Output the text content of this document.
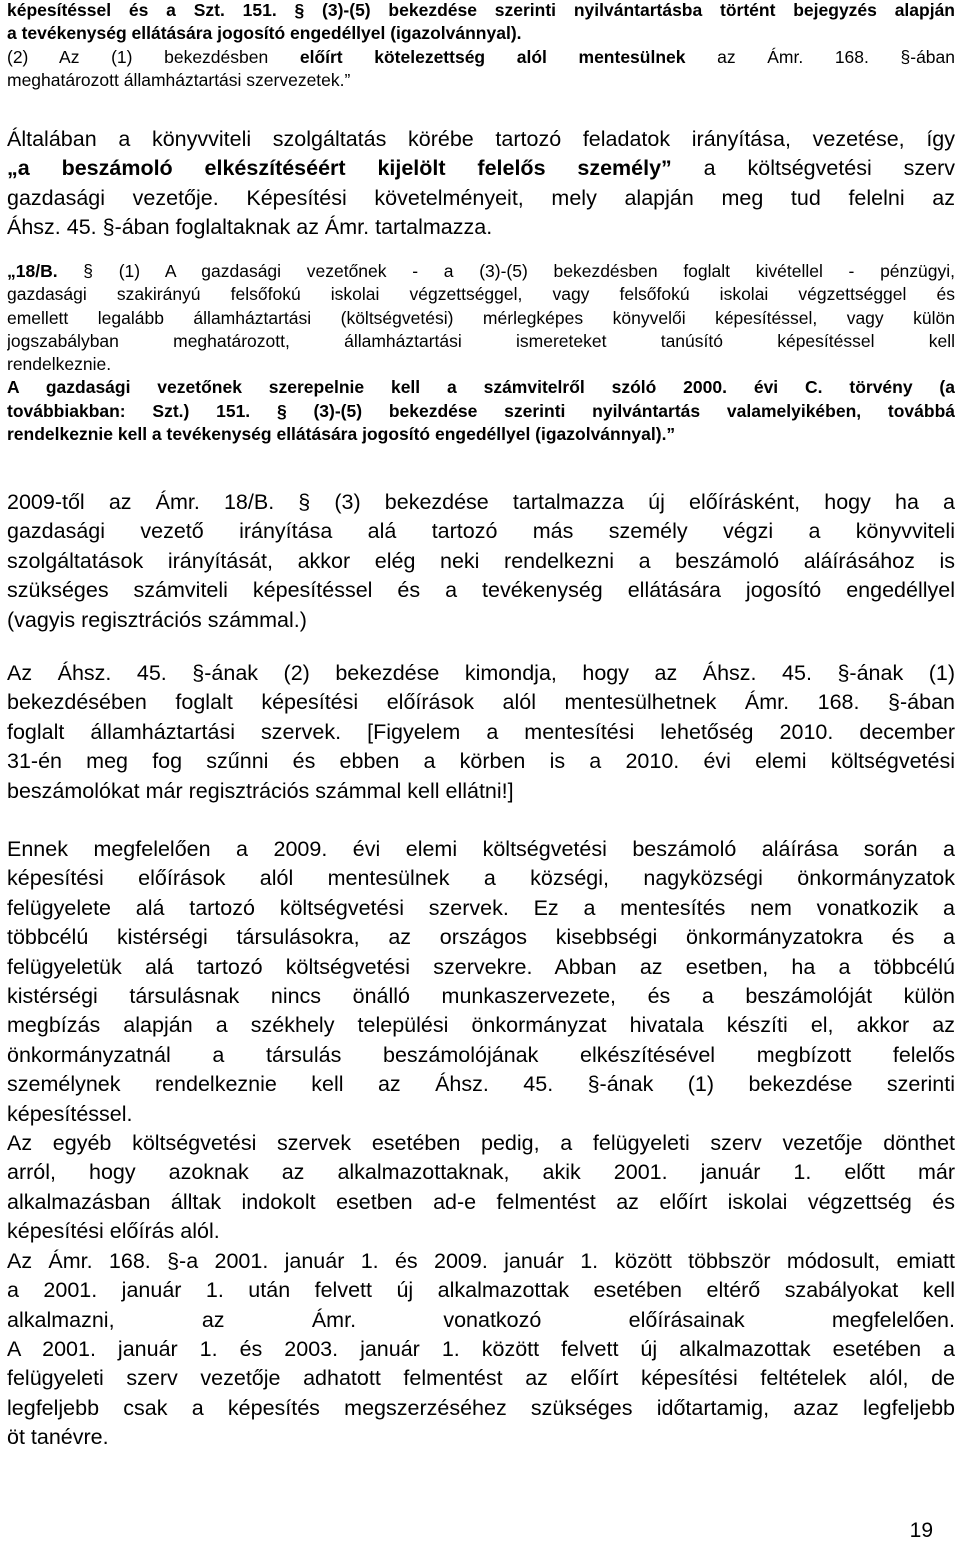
képesítéssel és a Szt. 151. § (3)-(5) bekezdése szerinti nyilvántartásba történt bejegyzés alapján
a tevékenység ellátására jogosító engedéllyel (igazolvánnyal).
(2) Az (1) bekezdésben előírt kötelezettség alól mentesülnek az Ámr. 168. §-ában
meghatározott államháztartási szervezetek.”
Általában a könyvviteli szolgáltatás körébe tartozó feladatok irányítása, vezetése, így
„a beszámoló elkészítéséért kijelölt felelős személy” a költségvetési szerv
gazdasági vezetője. Képesítési követelményeit, mely alapján meg tud felelni az
Áhsz. 45. §-ában foglaltaknak az Ámr. tartalmazza.
„18/B. § (1) A gazdasági vezetőnek - a (3)-(5) bekezdésben foglalt kivétellel - pénzügyi,
gazdasági szakirányú felsőfokú iskolai végzettséggel, vagy felsőfokú iskolai végzettséggel és
emellett legalább államháztartási (költségvetési) mérlegképes könyvelői képesítéssel, vagy külön
jogszabályban meghatározott, államháztartási ismereteket tanúsító képesítéssel kell
rendelkeznie.
A gazdasági vezetőnek szerepelnie kell a számvitelről szóló 2000. évi C. törvény (a
továbbiakban: Szt.) 151. § (3)-(5) bekezdése szerinti nyilvántartás valamelyikében, továbbá
rendelkeznie kell a tevékenység ellátására jogosító engedéllyel (igazolvánnyal).”
2009-től az Ámr. 18/B. § (3) bekezdése tartalmazza új előírásként, hogy ha a
gazdasági vezető irányítása alá tartozó más személy végzi a könyvviteli
szolgáltatások irányítását, akkor elég neki rendelkezni a beszámoló aláírásához is
szükséges számviteli képesítéssel és a tevékenység ellátására jogosító engedéllyel
(vagyis regisztrációs számmal.)
Az Áhsz. 45. §-ának (2) bekezdése kimondja, hogy az Áhsz. 45. §-ának (1)
bekezdésében foglalt képesítési előírások alól mentesülhetnek Ámr. 168. §-ában
foglalt államháztartási szervek. [Figyelem a mentesítési lehetőség 2010. december
31-én meg fog szűnni és ebben a körben is a 2010. évi elemi költségvetési
beszámolókat már regisztrációs számmal kell ellátni!]
Ennek megfelelően a 2009. évi elemi költségvetési beszámoló aláírása során a
képesítési előírások alól mentesülnek a községi, nagyközségi önkormányzatok
felügyelete alá tartozó költségvetési szervek. Ez a mentesítés nem vonatkozik a
többcélú kistérségi társulásokra, az országos kisebbségi önkormányzatokra és a
felügyeletük alá tartozó költségvetési szervekre. Abban az esetben, ha a többcélú
kistérségi társulásnak nincs önálló munkaszervezete, és a beszámolóját külön
megbízás alapján a székhely települési önkormányzat hivatala készíti el, akkor az
önkormányzatnál a társulás beszámolójának elkészítésével megbízott felelős
személynek rendelkeznie kell az Áhsz. 45. §-ának (1) bekezdése szerinti
képesítéssel.
Az egyéb költségvetési szervek esetében pedig, a felügyeleti szerv vezetője dönthet
arról, hogy azoknak az alkalmazottaknak, akik 2001. január 1. előtt már
alkalmazásban álltak indokolt esetben ad-e felmentést az előírt iskolai végzettség és
képesítési előírás alól.
Az Ámr. 168. §-a 2001. január 1. és 2009. január 1. között többször módosult, emiatt
a 2001. január 1. után felvett új alkalmazottak esetében eltérő szabályokat kell
alkalmazni, az Ámr. vonatkozó előírásainak megfelelően.
A 2001. január 1. és 2003. január 1. között felvett új alkalmazottak esetében a
felügyeleti szerv vezetője adhatott felmentést az előírt képesítési feltételek alól, de
legfeljebb csak a képesítés megszerzéséhez szükséges időtartamig, azaz legfeljebb
öt tanévre.
19
